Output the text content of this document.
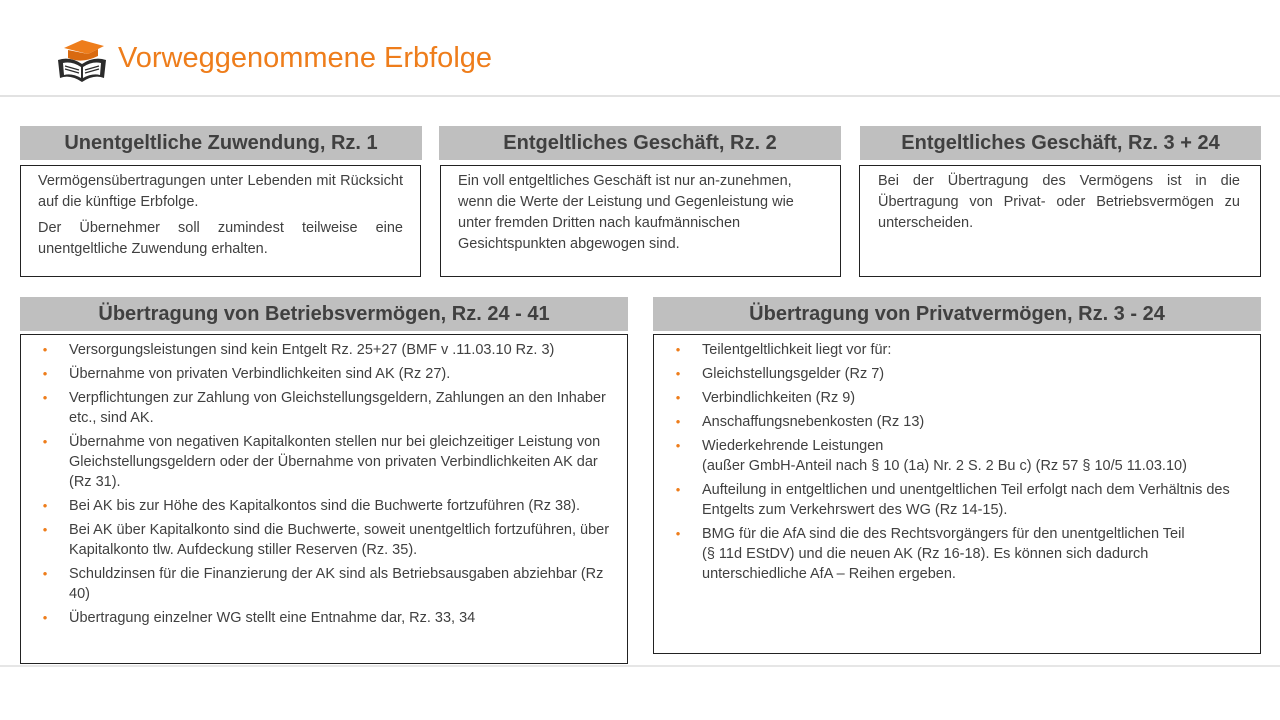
Vorweggenommene Erbfolge
Unentgeltliche Zuwendung, Rz. 1

Vermögensübertragungen unter Lebenden mit Rücksicht auf die künftige Erbfolge.

Der Übernehmer soll zumindest teilweise eine unentgeltliche Zuwendung erhalten.

Entgeltliches Geschäft, Rz. 2

Ein voll entgeltliches Geschäft ist nur an-zunehmen, wenn die Werte der Leistung und Gegenleistung wie unter fremden Dritten nach kaufmännischen Gesichtspunkten abgewogen sind.

Entgeltliches Geschäft, Rz. 3 + 24

Bei der Übertragung des Vermögens ist in die Übertragung von Privat- oder Betriebsvermögen zu unterscheiden.

Übertragung von Betriebsvermögen, Rz. 24 - 41
•	Versorgungsleistungen sind kein Entgelt Rz. 25+27 (BMF v .11.03.10 Rz. 3)
•	Übernahme von privaten Verbindlichkeiten sind AK (Rz 27).
•	Verpflichtungen zur Zahlung von Gleichstellungsgeldern, Zahlungen an den Inhaber etc., sind AK.
•	Übernahme von negativen Kapitalkonten stellen nur bei gleichzeitiger Leistung von Gleichstellungsgeldern oder der Übernahme von privaten Verbindlichkeiten AK dar (Rz 31).
•	Bei AK bis zur Höhe des Kapitalkontos sind die Buchwerte fortzuführen (Rz 38).
•	Bei AK über Kapitalkonto sind die Buchwerte, soweit unentgeltlich fortzuführen, über Kapitalkonto tlw. Aufdeckung stiller Reserven (Rz. 35).
•	Schuldzinsen für die Finanzierung der AK sind als Betriebsausgaben abziehbar (Rz 40)
•	Übertragung einzelner WG stellt eine Entnahme dar, Rz. 33, 34
Übertragung von Privatvermögen, Rz. 3 - 24
•	Teilentgeltlichkeit liegt vor für:
•	Gleichstellungsgelder (Rz 7)
•	Verbindlichkeiten (Rz 9)
•	Anschaffungsnebenkosten (Rz 13)
•	Wiederkehrende Leistungen
(außer GmbH-Anteil nach § 10 (1a) Nr. 2 S. 2 Bu c) (Rz 57 § 10/5 11.03.10)
•	Aufteilung in entgeltlichen und unentgeltlichen Teil erfolgt nach dem Verhältnis des Entgelts zum Verkehrswert des WG (Rz 14-15).
•	BMG für die AfA sind die des Rechtsvorgängers für den unentgeltlichen Teil
(§ 11d EStDV) und die neuen AK (Rz 16-18). Es können sich dadurch unterschiedliche AfA – Reihen ergeben.
